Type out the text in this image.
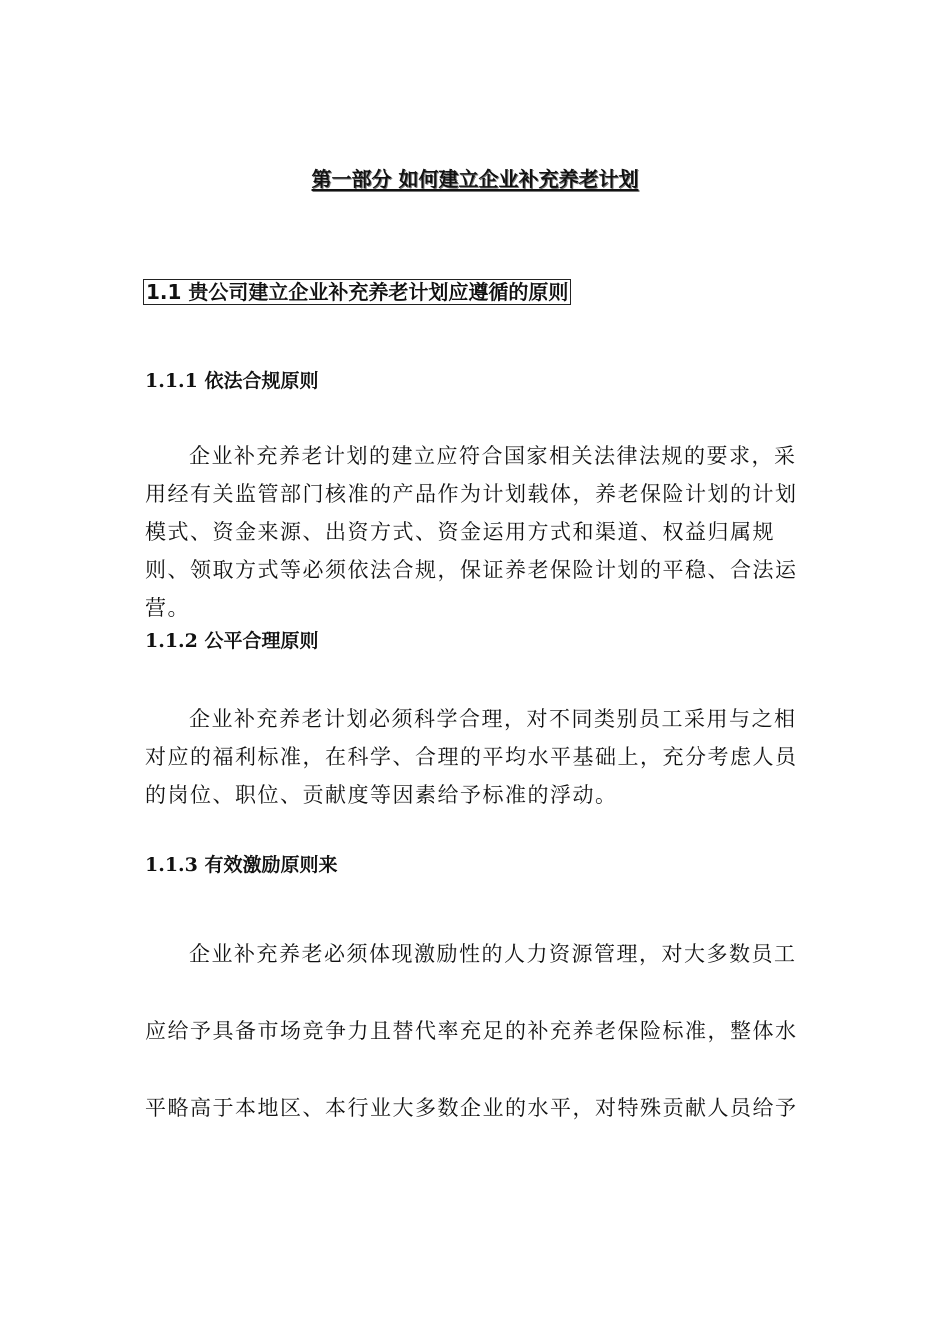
第一部分 如何建立企业补充养老计划
1.1 贵公司建立企业补充养老计划应遵循的原则
1.1.1 依法合规原则
企业补充养老计划的建立应符合国家相关法律法规的要求，采用经有关监管部门核准的产品作为计划载体，养老保险计划的计划模式、资金来源、出资方式、资金运用方式和渠道、权益归属规则、领取方式等必须依法合规，保证养老保险计划的平稳、合法运营。
1.1.2 公平合理原则
企业补充养老计划必须科学合理，对不同类别员工采用与之相对应的福利标准，在科学、合理的平均水平基础上，充分考虑人员的岗位、职位、贡献度等因素给予标准的浮动。
1.1.3 有效激励原则来
企业补充养老必须体现激励性的人力资源管理，对大多数员工
应给予具备市场竞争力且替代率充足的补充养老保险标准，整体水
平略高于本地区、本行业大多数企业的水平，对特殊贡献人员给予
